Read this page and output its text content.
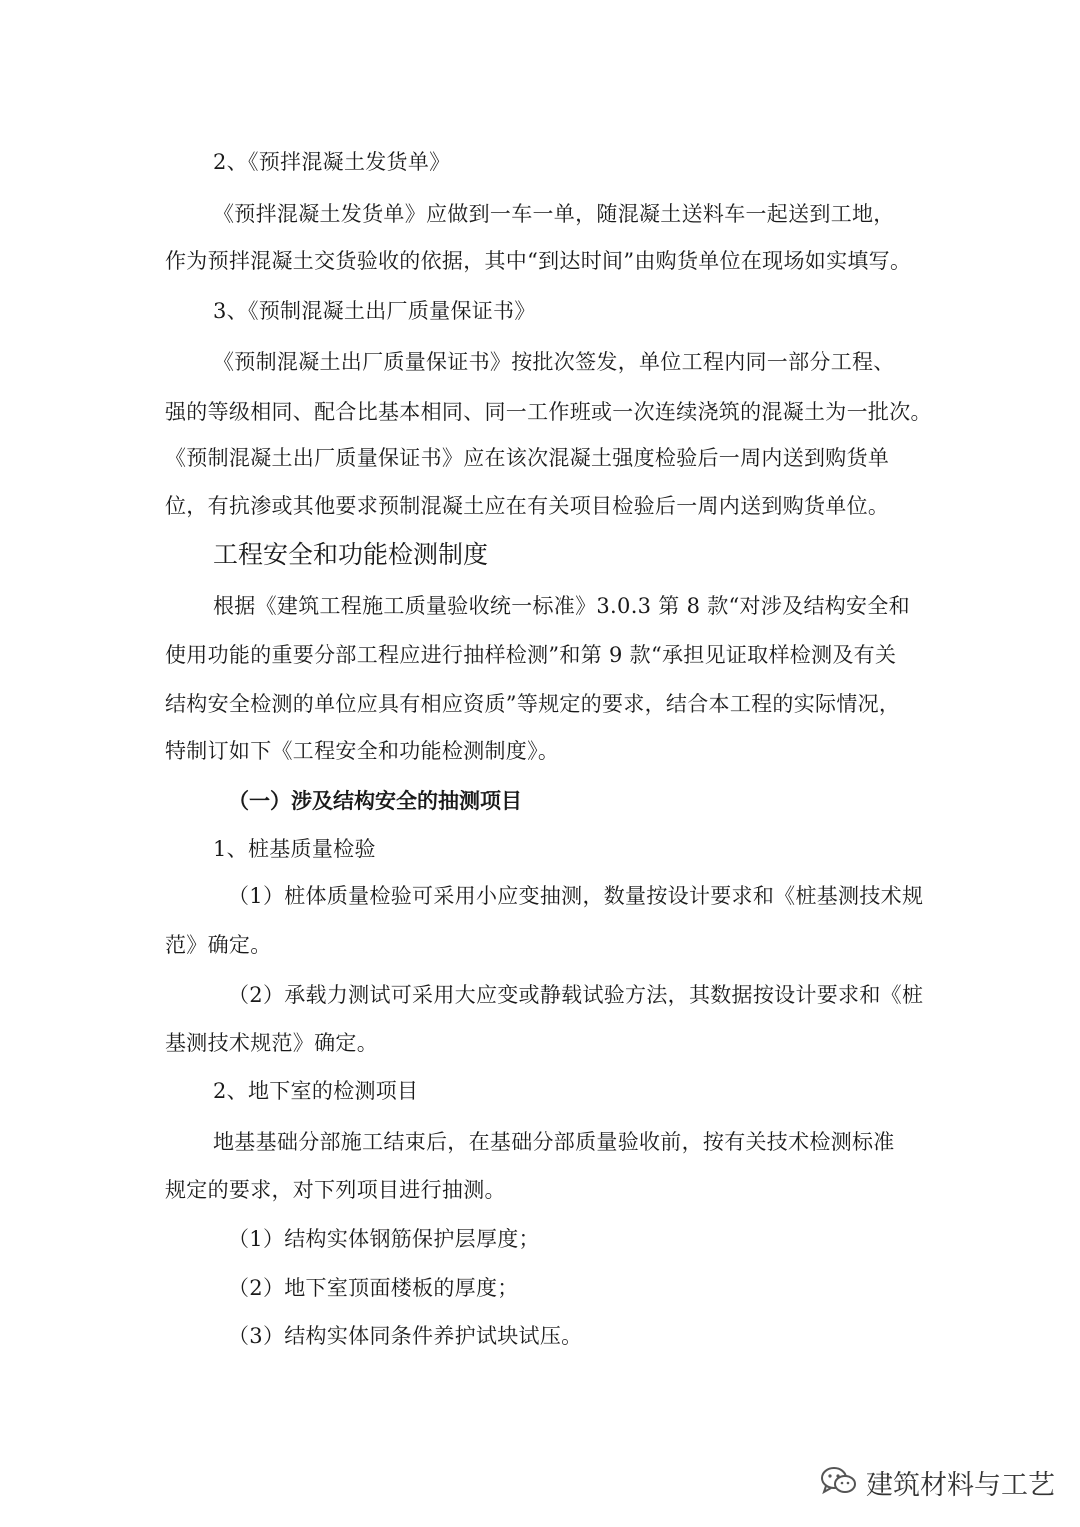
2、《预拌混凝土发货单》
《预拌混凝土发货单》应做到一车一单，随混凝土送料车一起送到工地，
作为预拌混凝土交货验收的依据，其中“到达时间”由购货单位在现场如实填写。
3、《预制混凝土出厂质量保证书》
《预制混凝土出厂质量保证书》按批次签发，单位工程内同一部分工程、
强的等级相同、配合比基本相同、同一工作班或一次连续浇筑的混凝土为一批次。
《预制混凝土出厂质量保证书》应在该次混凝土强度检验后一周内送到购货单
位，有抗渗或其他要求预制混凝土应在有关项目检验后一周内送到购货单位。
工程安全和功能检测制度
根据《建筑工程施工质量验收统一标准》3.0.3 第 8 款“对涉及结构安全和
使用功能的重要分部工程应进行抽样检测”和第 9 款“承担见证取样检测及有关
结构安全检测的单位应具有相应资质”等规定的要求，结合本工程的实际情况，
特制订如下《工程安全和功能检测制度》。
（一）涉及结构安全的抽测项目
1、桩基质量检验
（1）桩体质量检验可采用小应变抽测，数量按设计要求和《桩基测技术规
范》确定。
（2）承载力测试可采用大应变或静载试验方法，其数据按设计要求和《桩
基测技术规范》确定。
2、地下室的检测项目
地基基础分部施工结束后，在基础分部质量验收前，按有关技术检测标准
规定的要求，对下列项目进行抽测。
（1）结构实体钢筋保护层厚度；
（2）地下室顶面楼板的厚度；
（3）结构实体同条件养护试块试压。
建筑材料与工艺
